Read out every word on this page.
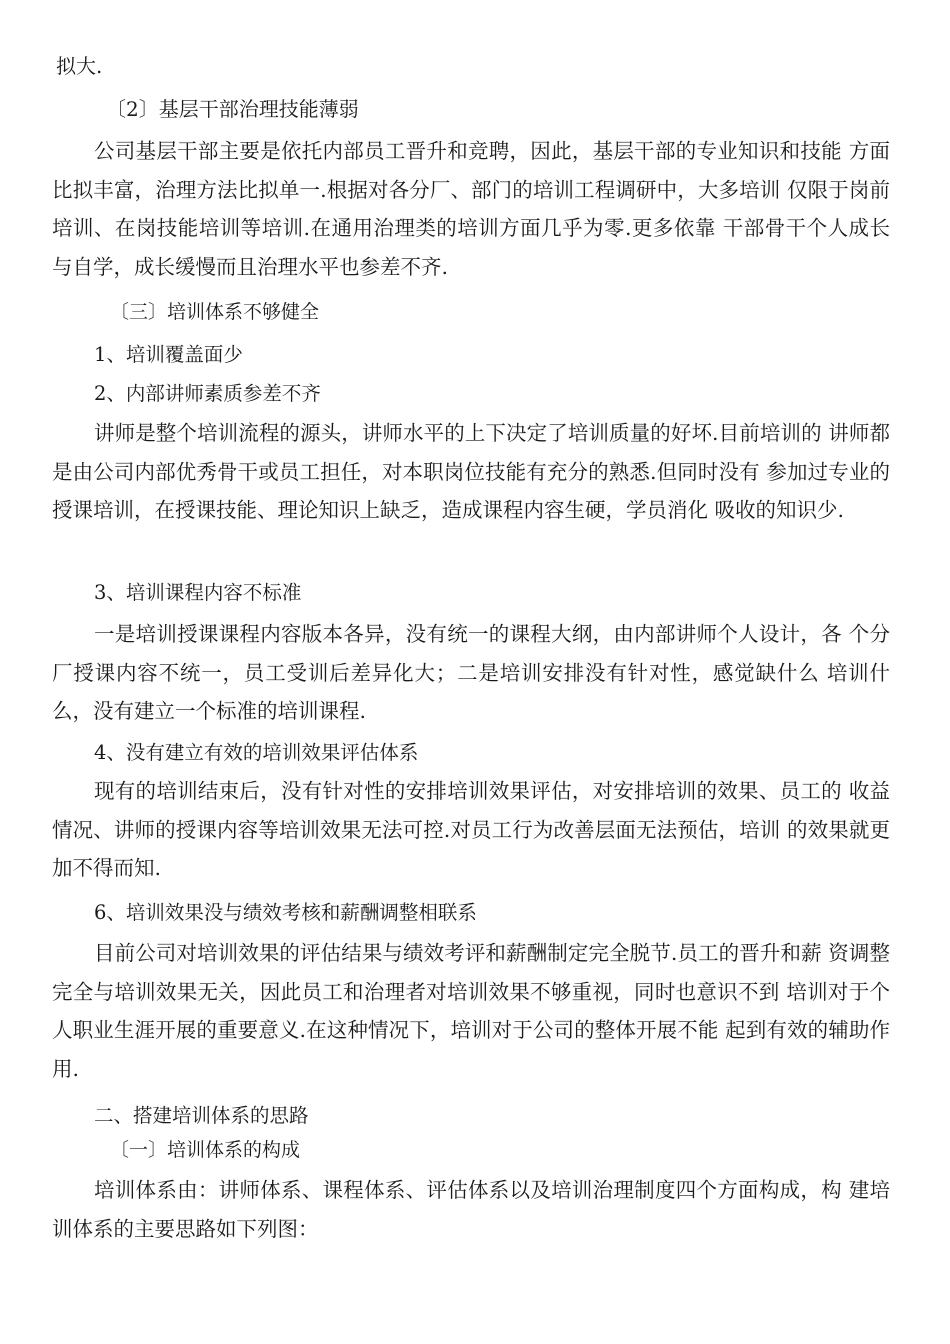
拟大.

〔2〕基层干部治理技能薄弱

公司基层干部主要是依托内部员工晋升和竞聘，因此，基层干部的专业知识和技能 方面比拟丰富，治理方法比拟单一.根据对各分厂、部门的培训工程调研中，大多培训 仅限于岗前培训、在岗技能培训等培训.在通用治理类的培训方面几乎为零.更多依靠 干部骨干个人成长与自学，成长缓慢而且治理水平也参差不齐.

〔三〕培训体系不够健全

1、培训覆盖面少

2、内部讲师素质参差不齐

讲师是整个培训流程的源头，讲师水平的上下决定了培训质量的好坏.目前培训的 讲师都是由公司内部优秀骨干或员工担任，对本职岗位技能有充分的熟悉.但同时没有 参加过专业的授课培训，在授课技能、理论知识上缺乏，造成课程内容生硬，学员消化 吸收的知识少.

3、培训课程内容不标准

一是培训授课课程内容版本各异，没有统一的课程大纲，由内部讲师个人设计，各 个分厂授课内容不统一，员工受训后差异化大；二是培训安排没有针对性，感觉缺什么 培训什么，没有建立一个标准的培训课程.

4、没有建立有效的培训效果评估体系

现有的培训结束后，没有针对性的安排培训效果评估，对安排培训的效果、员工的 收益情况、讲师的授课内容等培训效果无法可控.对员工行为改善层面无法预估，培训 的效果就更加不得而知.

6、培训效果没与绩效考核和薪酬调整相联系

目前公司对培训效果的评估结果与绩效考评和薪酬制定完全脱节.员工的晋升和薪 资调整完全与培训效果无关，因此员工和治理者对培训效果不够重视，同时也意识不到 培训对于个人职业生涯开展的重要意义.在这种情况下，培训对于公司的整体开展不能 起到有效的辅助作用.

二、搭建培训体系的思路

〔一〕培训体系的构成

培训体系由：讲师体系、课程体系、评估体系以及培训治理制度四个方面构成，构 建培训体系的主要思路如下列图：
